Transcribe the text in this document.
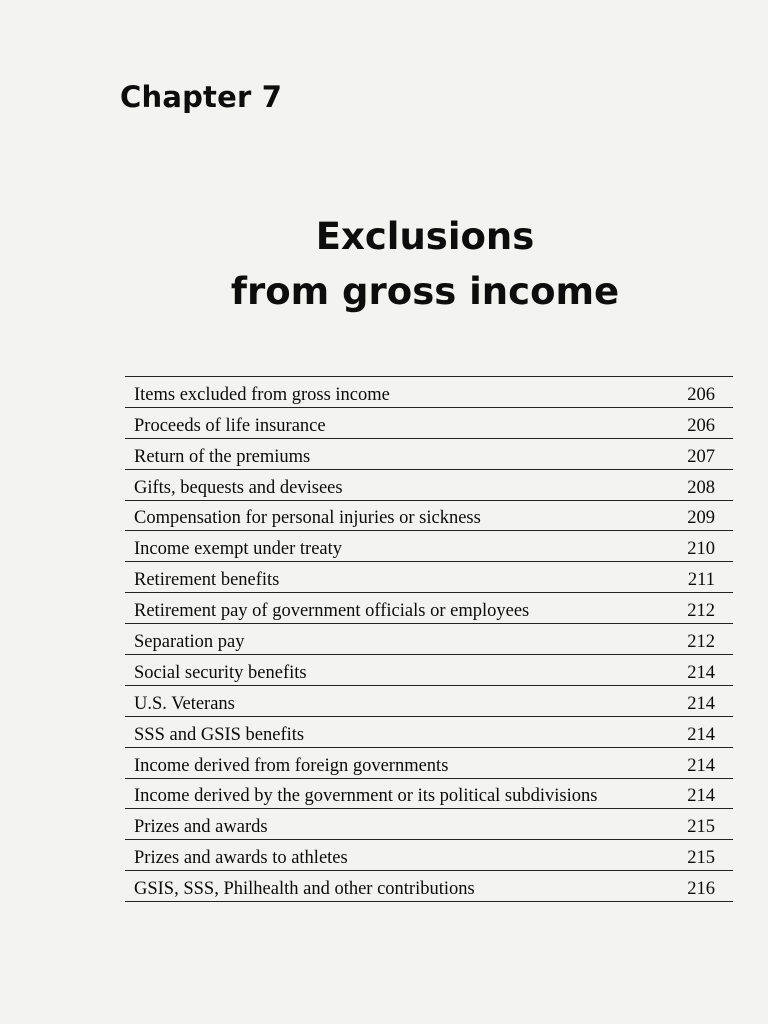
Chapter 7
Exclusions
from gross income
Items excluded from gross income	206
Proceeds of life insurance	206
Return of the premiums	207
Gifts, bequests and devisees	208
Compensation for personal injuries or sickness	209
Income exempt under treaty	210
Retirement benefits	211
Retirement pay of government officials or employees	212
Separation pay	212
Social security benefits	214
U.S. Veterans	214
SSS and GSIS benefits	214
Income derived from foreign governments	214
Income derived by the government or its political subdivisions	214
Prizes and awards	215
Prizes and awards to athletes	215
GSIS, SSS, Philhealth and other contributions	216
